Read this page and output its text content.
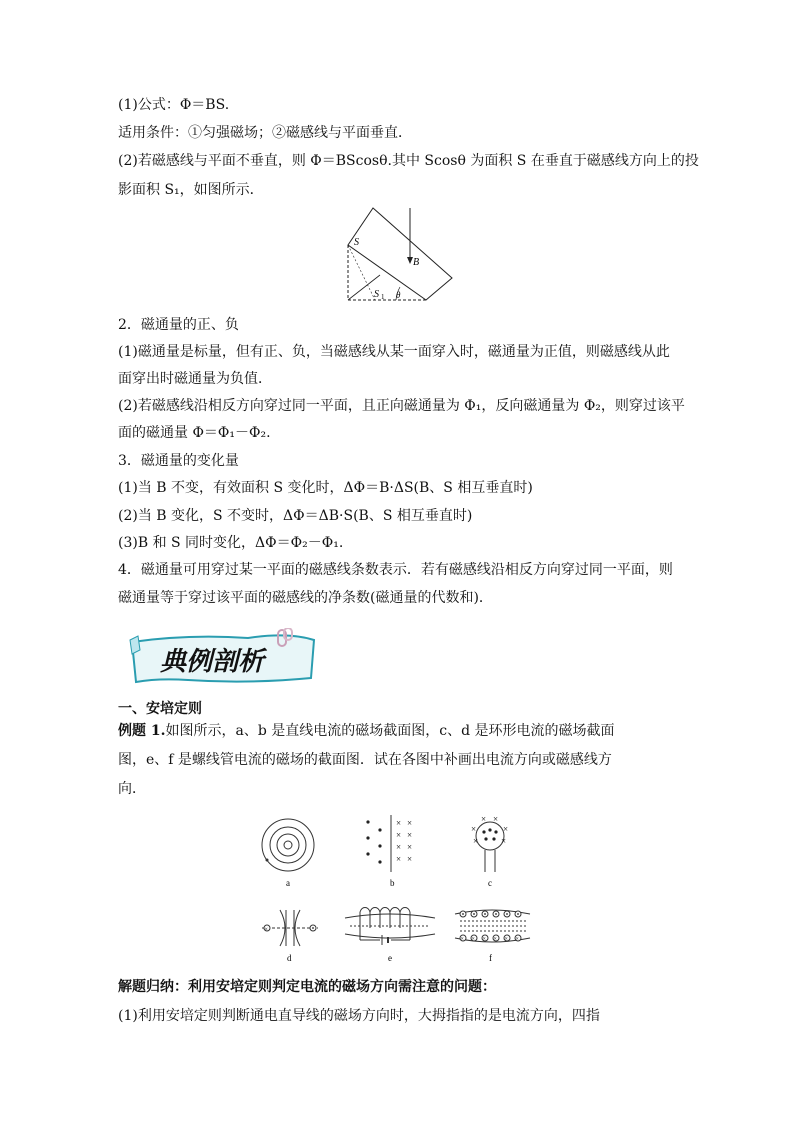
(1)公式：Φ＝BS.
适用条件：①匀强磁场；②磁感线与平面垂直．
(2)若磁感线与平面不垂直，则 Φ＝BScosθ.其中 Scosθ 为面积 S 在垂直于磁感线方向上的投
影面积 S₁，如图所示．
S
B
S 1 θ
2．磁通量的正、负
(1)磁通量是标量，但有正、负，当磁感线从某一面穿入时，磁通量为正值，则磁感线从此
面穿出时磁通量为负值．
(2)若磁感线沿相反方向穿过同一平面，且正向磁通量为 Φ₁，反向磁通量为 Φ₂，则穿过该平
面的磁通量 Φ＝Φ₁－Φ₂.
3．磁通量的变化量
(1)当 B 不变，有效面积 S 变化时，ΔΦ＝B·ΔS(B、S 相互垂直时)
(2)当 B 变化，S 不变时，ΔΦ＝ΔB·S(B、S 相互垂直时)
(3)B 和 S 同时变化，ΔΦ＝Φ₂－Φ₁.
4．磁通量可用穿过某一平面的磁感线条数表示．若有磁感线沿相反方向穿过同一平面，则
磁通量等于穿过该平面的磁感线的净条数(磁通量的代数和)．
典例剖析
一、安培定则
例题 1.如图所示，a、b 是直线电流的磁场截面图，c、d 是环形电流的磁场截面
图，e、f 是螺线管电流的磁场的截面图．试在各图中补画出电流方向或磁感线方
向．
a
× ×
× ×
× ×
× ×
b
×	×
×	×
× ×
c
×
d	e
× × × × × ×
f
解题归纳：利用安培定则判定电流的磁场方向需注意的问题：
(1)利用安培定则判断通电直导线的磁场方向时，大拇指指的是电流方向，四指
